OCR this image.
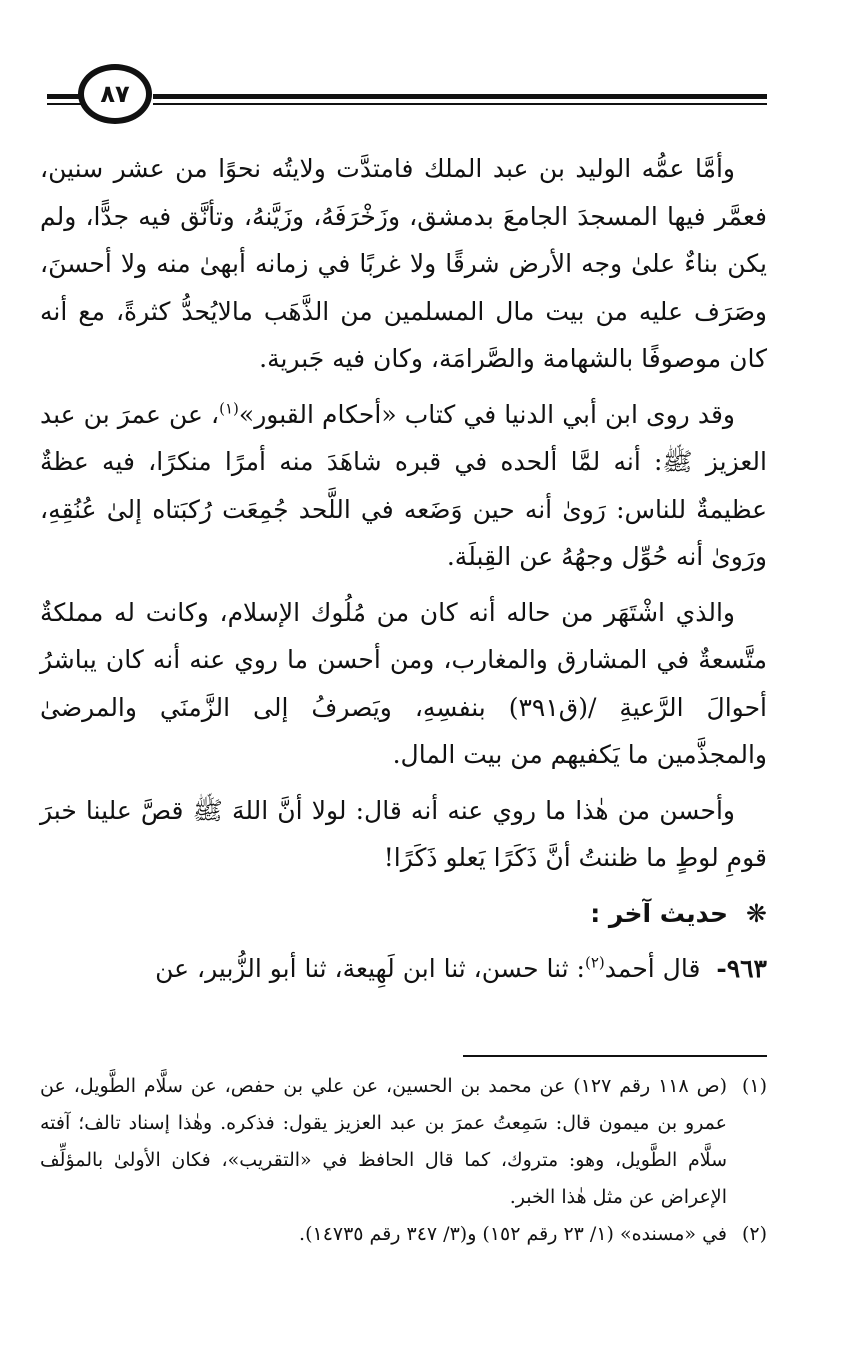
٨٧

وأمَّا عمُّه الوليد بن عبد الملك فامتدَّت ولايتُه نحوًا من عشر سنين، فعمَّر فيها المسجدَ الجامعَ بدمشق، وزَخْرَفَهُ، وزَيَّنهُ، وتأنَّق فيه جدًّا، ولم يكن بناءٌ علىٰ وجه الأرض شرقًا ولا غربًا في زمانه أبهىٰ منه ولا أحسنَ، وصَرَف عليه من بيت مال المسلمين من الذَّهَب مالايُحدُّ كثرةً، مع أنه كان موصوفًا بالشهامة والصَّرامَة، وكان فيه جَبرية.

وقد روى ابن أبي الدنيا في كتاب «أحكام القبور»$^{(١)}$، عن عمرَ بن عبد العزيز ﷺ: أنه لمَّا ألحده في قبره شاهَدَ منه أمرًا منكرًا، فيه عظةٌ عظيمةٌ للناس: رَوىٰ أنه حين وَضَعه في اللَّحد جُمِعَت رُكبَتاه إلىٰ عُنُقِهِ، ورَوىٰ أنه حُوِّل وجهُهُ عن القِبلَة.

والذي اشْتَهَر من حاله أنه كان من مُلُوك الإسلام، وكانت له مملكةٌ متَّسعةٌ في المشارق والمغارب، ومن أحسن ما روي عنه أنه كان يباشرُ أحوالَ الرَّعيةِ /(ق٣٩١) بنفسِهِ، ويَصرفُ إلى الزَّمنَي والمرضىٰ والمجذَّمين ما يَكفيهم من بيت المال.

وأحسن من هٰذا ما روي عنه أنه قال: لولا أنَّ اللهَ ﷺ قصَّ علينا خبرَ قومِ لوطٍ ما ظننتُ أنَّ ذَكَرًا يَعلو ذَكَرًا!

❋حديث آخر :

٩٦٣-  قال أحمد$^{(٢)}$: ثنا حسن، ثنا ابن لَهِيعة، ثنا أبو الزُّبير، عن

(١)
(ص ١١٨ رقم ١٢٧) عن محمد بن الحسين، عن علي بن حفص، عن سلَّام الطَّويل، عن عمرو بن ميمون قال: سَمِعتُ عمرَ بن عبد العزيز يقول: فذكره. وهٰذا إسناد تالف؛ آفته سلَّام الطَّويل، وهو: متروك، كما قال الحافظ في «التقريب»، فكان الأولىٰ بالمؤلِّف الإعراض عن مثل هٰذا الخبر.
(٢)
في «مسنده» (١/ ٢٣ رقم ١٥٢) و(٣/ ٣٤٧ رقم ١٤٧٣٥).
